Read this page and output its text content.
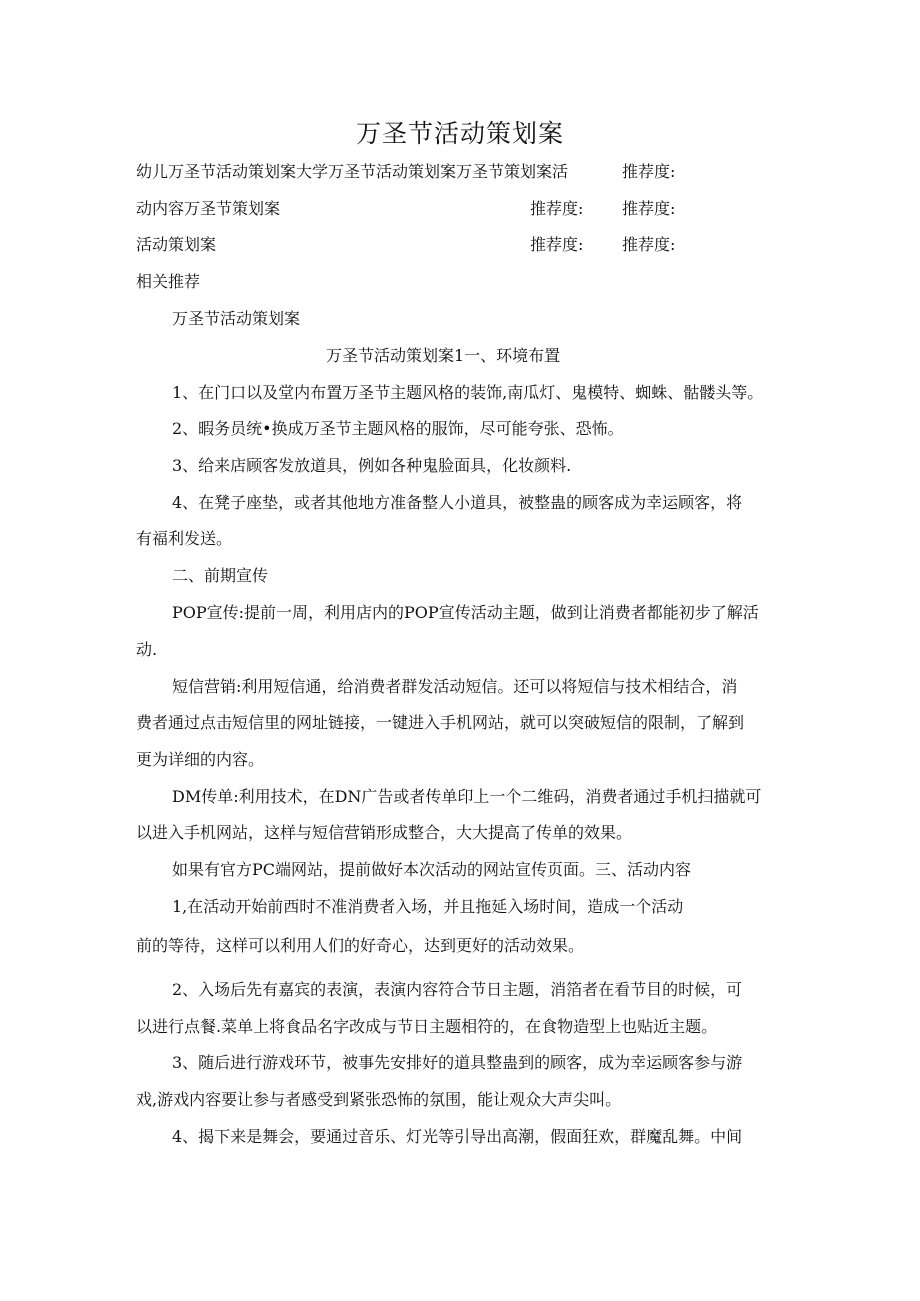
万圣节活动策划案
幼儿万圣节活动策划案大学万圣节活动策划案万圣节策划案活	推荐度:
动内容万圣节策划案	推荐度: 推荐度:
活动策划案	推荐度: 推荐度:
相关推荐
万圣节活动策划案
万圣节活动策划案1一、环境布置
1、在门口以及堂内布置万圣节主题风格的装饰,南瓜灯、鬼模特、蜘蛛、骷髅头等。
2、暇务员统•换成万圣节主题风格的服饰，尽可能夸张、恐怖。
3、给来店顾客发放道具，例如各种鬼脸面具，化妆颜料.
4、在凳子座垫，或者其他地方准备整人小道具，被整蛊的顾客成为幸运顾客，将
有福利发送。
二、前期宣传
POP宣传:提前一周，利用店内的POP宣传活动主题，做到让消费者都能初步了解活
动.
短信营销:利用短信通，给消费者群发活动短信。还可以将短信与技术相结合，消
费者通过点击短信里的网址链接，一键进入手机网站，就可以突破短信的限制，了解到
更为详细的内容。
DM传单:利用技术，在DN广告或者传单印上一个二维码，消费者通过手机扫描就可
以进入手机网站，这样与短信营销形成整合，大大提高了传单的效果。
如果有官方PC端网站，提前做好本次活动的网站宣传页面。三、活动内容
1,在活动开始前西时不准消费者入场，并且拖延入场时间，造成一个活动
前的等待，这样可以利用人们的好奇心，达到更好的活动效果。
2、入场后先有嘉宾的表演，表演内容符合节日主题，消箔者在看节目的时候，可
以进行点餐.菜单上将食品名字改成与节日主题相符的，在食物造型上也贴近主题。
3、随后进行游戏环节，被事先安排好的道具整蛊到的顾客，成为幸运顾客参与游
戏,游戏内容要让参与者感受到紧张恐怖的氛围，能让观众大声尖叫。
4、揭下来是舞会，要通过音乐、灯光等引导出高潮，假面狂欢，群魔乱舞。中间
